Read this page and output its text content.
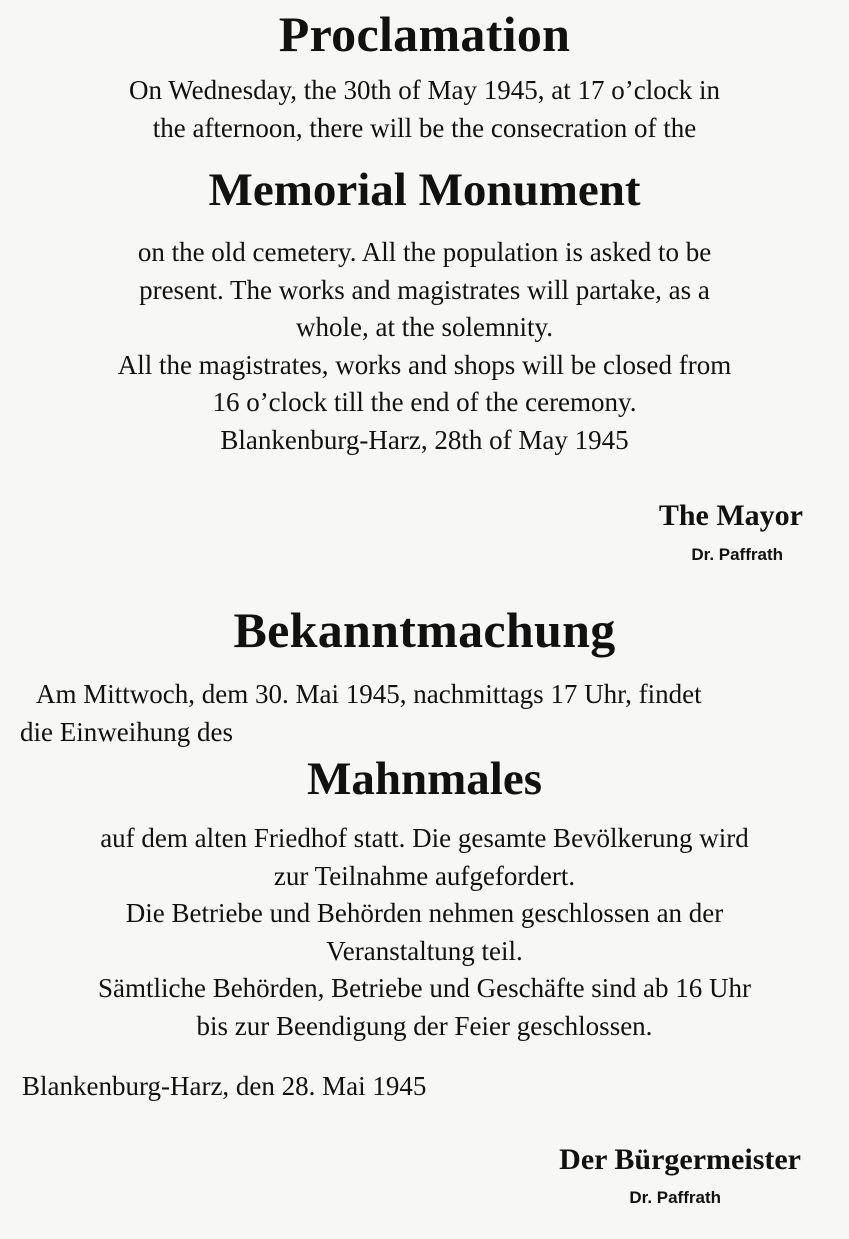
Proclamation
On Wednesday, the 30th of May 1945, at 17 o’clock in
the afternoon, there will be the consecration of the
Memorial Monument
on the old cemetery. All the population is asked to be
present. The works and magistrates will partake, as a
whole, at the solemnity.
All the magistrates, works and shops will be closed from
16 o’clock till the end of the ceremony.
Blankenburg-Harz, 28th of May 1945
The Mayor
Dr. Paffrath
Bekanntmachung
Am Mittwoch, dem 30. Mai 1945, nachmittags 17 Uhr, findet
die Einweihung des
Mahnmales
auf dem alten Friedhof statt. Die gesamte Bevölkerung wird
zur Teilnahme aufgefordert.
Die Betriebe und Behörden nehmen geschlossen an der
Veranstaltung teil.
Sämtliche Behörden, Betriebe und Geschäfte sind ab 16 Uhr
bis zur Beendigung der Feier geschlossen.
Blankenburg-Harz, den 28. Mai 1945
Der Bürgermeister
Dr. Paffrath
